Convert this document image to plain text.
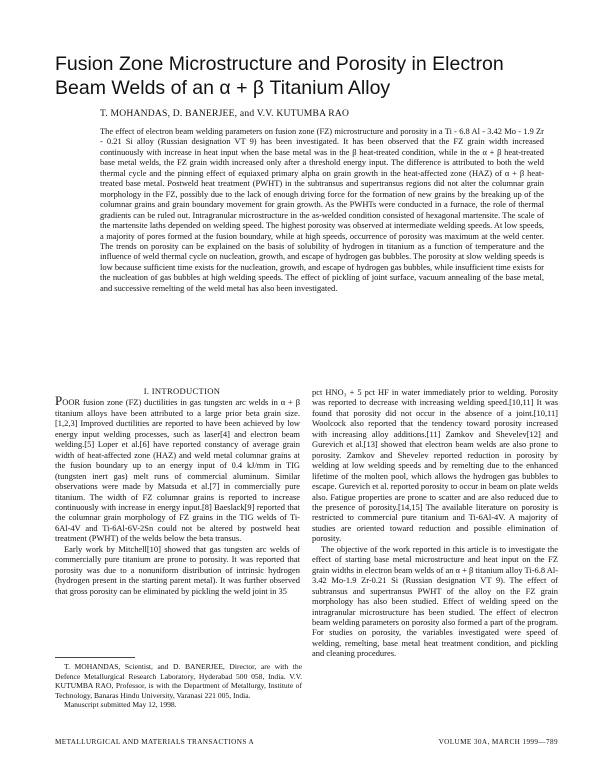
Fusion Zone Microstructure and Porosity in Electron Beam Welds of an α + β Titanium Alloy
T. MOHANDAS, D. BANERJEE, and V.V. KUTUMBA RAO

The effect of electron beam welding parameters on fusion zone (FZ) microstructure and porosity in a Ti - 6.8 Al - 3.42 Mo - 1.9 Zr - 0.21 Si alloy (Russian designation VT 9) has been investigated. It has been observed that the FZ grain width increased continuously with increase in heat input when the base metal was in the β heat-treated condition, while in the α + β heat-treated base metal welds, the FZ grain width increased only after a threshold energy input. The difference is attributed to both the weld thermal cycle and the pinning effect of equiaxed primary alpha on grain growth in the heat-affected zone (HAZ) of α + β heat-treated base metal. Postweld heat treatment (PWHT) in the subtransus and supertransus regions did not alter the columnar grain morphology in the FZ, possibly due to the lack of enough driving force for the formation of new grains by the breaking up of the columnar grains and grain boundary movement for grain growth. As the PWHTs were conducted in a furnace, the role of thermal gradients can be ruled out. Intragranular microstructure in the as-welded condition consisted of hexagonal martensite. The scale of the martensite laths depended on welding speed. The highest porosity was observed at intermediate welding speeds. At low speeds, a majority of pores formed at the fusion boundary, while at high speeds, occurrence of porosity was maximum at the weld center. The trends on porosity can be explained on the basis of solubility of hydrogen in titanium as a function of temperature and the influence of weld thermal cycle on nucleation, growth, and escape of hydrogen gas bubbles. The porosity at slow welding speeds is low because sufficient time exists for the nucleation, growth, and escape of hydrogen gas bubbles, while insufficient time exists for the nucleation of gas bubbles at high welding speeds. The effect of pickling of joint surface, vacuum annealing of the base metal, and successive remelting of the weld metal has also been investigated.

I. INTRODUCTION

POOR fusion zone (FZ) ductilities in gas tungsten arc welds in α + β titanium alloys have been attributed to a large prior beta grain size.[1,2,3] Improved ductilities are reported to have been achieved by low energy input welding processes, such as laser[4] and electron beam welding.[5] Loper et al.[6] have reported constancy of average grain width of heat-affected zone (HAZ) and weld metal columnar grains at the fusion boundary up to an energy input of 0.4 kJ/mm in TIG (tungsten inert gas) melt runs of commercial aluminum. Similar observations were made by Matsuda et al.[7] in commercially pure titanium. The width of FZ columnar grains is reported to increase continuously with increase in energy input.[8] Baeslack[9] reported that the columnar grain morphology of FZ grains in the TIG welds of Ti-6Al-4V and Ti-6Al-6V-2Sn could not be altered by postweld heat treatment (PWHT) of the welds below the beta transus.

Early work by Mitchell[10] showed that gas tungsten arc welds of commercially pure titanium are prone to porosity. It was reported that porosity was due to a nonuniform distribution of intrinsic hydrogen (hydrogen present in the starting parent metal). It was further observed that gross porosity can be eliminated by pickling the weld joint in 35

pct HNO₃ + 5 pct HF in water immediately prior to welding. Porosity was reported to decrease with increasing welding speed.[10,11] It was found that porosity did not occur in the absence of a joint.[10,11] Woolcock also reported that the tendency toward porosity increased with increasing alloy additions.[11] Zamkov and Shevelev[12] and Gurevich et al.[13] showed that electron beam welds are also prone to porosity. Zamkov and Shevelev reported reduction in porosity by welding at low welding speeds and by remelting due to the enhanced lifetime of the molten pool, which allows the hydrogen gas bubbles to escape. Gurevich et al. reported porosity to occur in beam on plate welds also. Fatigue properties are prone to scatter and are also reduced due to the presence of porosity.[14,15] The available literature on porosity is restricted to commercial pure titanium and Ti-6Al-4V. A majority of studies are oriented toward reduction and possible elimination of porosity.

The objective of the work reported in this article is to investigate the effect of starting base metal microstructure and heat input on the FZ grain widths in electron beam welds of an α + β titanium alloy Ti-6.8 Al-3.42 Mo-1.9 Zr-0.21 Si (Russian designation VT 9). The effect of subtransus and supertransus PWHT of the alloy on the FZ grain morphology has also been studied. Effect of welding speed on the intragranular microstructure has been studied. The effect of electron beam welding parameters on porosity also formed a part of the program. For studies on porosity, the variables investigated were speed of welding, remelting, base metal heat treatment condition, and pickling and cleaning procedures.

T. MOHANDAS, Scientist, and D. BANERJEE, Director, are with the Defence Metallurgical Research Laboratory, Hyderabad 500 058, India. V.V. KUTUMBA RAO, Professor, is with the Department of Metallurgy, Institute of Technology, Banaras Hindu University, Varanasi 221 005, India.
Manuscript submitted May 12, 1998.

METALLURGICAL AND MATERIALS TRANSACTIONS A	VOLUME 30A, MARCH 1999—789
